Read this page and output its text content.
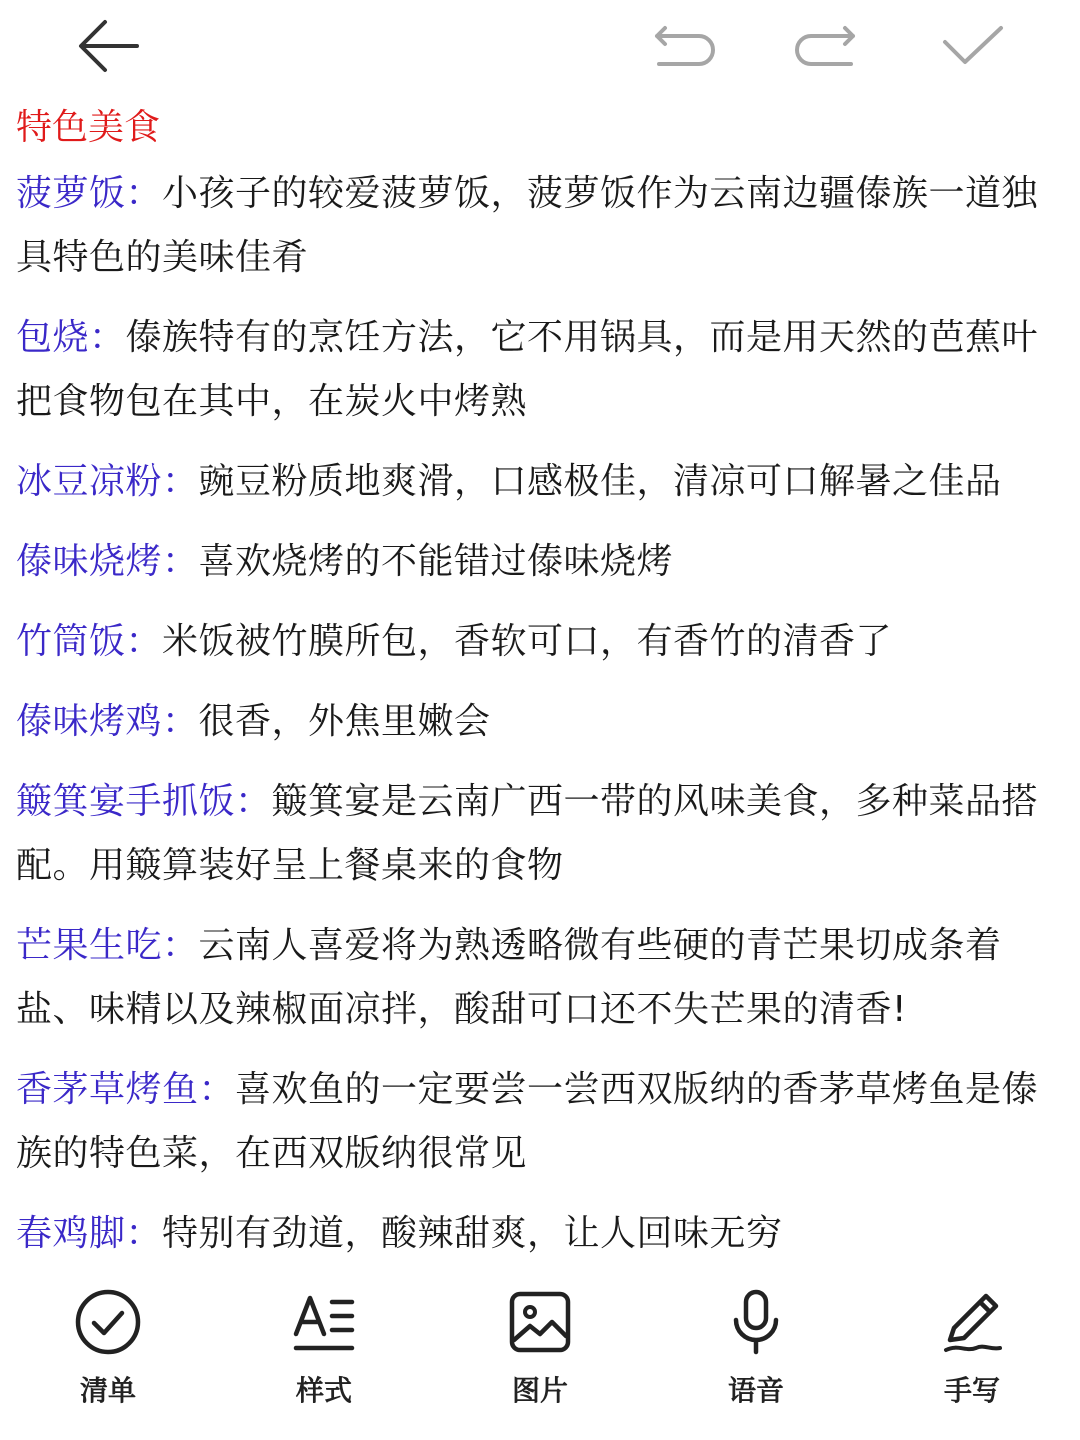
特色美食
菠萝饭：小孩子的较爱菠萝饭，菠萝饭作为云南边疆傣族一道独具特色的美味佳肴
包烧：傣族特有的烹饪方法，它不用锅具，而是用天然的芭蕉叶把食物包在其中，在炭火中烤熟
冰豆凉粉：豌豆粉质地爽滑，口感极佳，清凉可口解暑之佳品
傣味烧烤：喜欢烧烤的不能错过傣味烧烤
竹筒饭：米饭被竹膜所包，香软可口，有香竹的清香了
傣味烤鸡：很香，外焦里嫩会
簸箕宴手抓饭：簸箕宴是云南广西一带的风味美食，多种菜品搭配。用簸算装好呈上餐桌来的食物
芒果生吃：云南人喜爱将为熟透略微有些硬的青芒果切成条着盐、味精以及辣椒面凉拌，酸甜可口还不失芒果的清香!
香茅草烤鱼：喜欢鱼的一定要尝一尝西双版纳的香茅草烤鱼是傣族的特色菜，在西双版纳很常见
春鸡脚：特别有劲道，酸辣甜爽，让人回味无穷
清单	样式	图片	语音	手写
